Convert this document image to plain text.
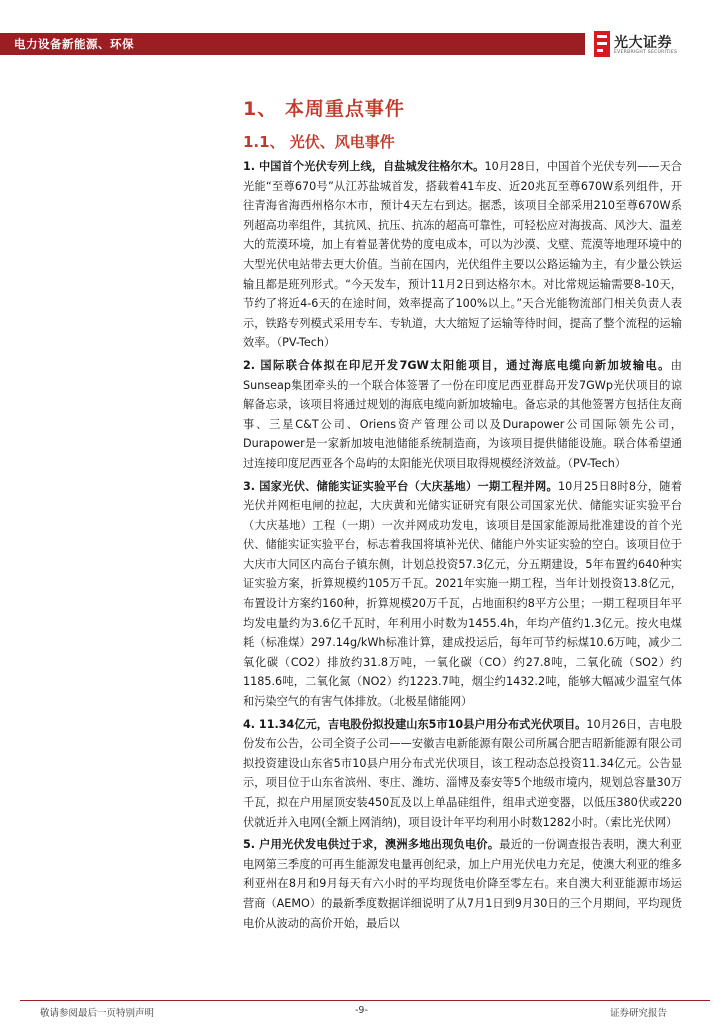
电力设备新能源、环保	光大证券
EVERBRIGHT SECURITIES
1、 本周重点事件
1.1、 光伏、风电事件

1. 中国首个光伏专列上线，自盐城发往格尔木。10月28日，中国首个光伏专列——天合光能“至尊670号”从江苏盐城首发，搭载着41车皮、近20兆瓦至尊670W系列组件，开往青海省海西州格尔木市，预计4天左右到达。据悉，该项目全部采用210至尊670W系列超高功率组件，其抗风、抗压、抗冻的超高可靠性，可轻松应对海拔高、风沙大、温差大的荒漠环境，加上有着显著优势的度电成本，可以为沙漠、戈壁、荒漠等地理环境中的大型光伏电站带去更大价值。当前在国内，光伏组件主要以公路运输为主，有少量公铁运输且都是班列形式。“今天发车，预计11月2日到达格尔木。对比常规运输需要8-10天，节约了将近4-6天的在途时间，效率提高了100%以上。”天合光能物流部门相关负责人表示，铁路专列模式采用专车、专轨道，大大缩短了运输等待时间，提高了整个流程的运输效率。（PV-Tech）

2. 国际联合体拟在印尼开发7GW太阳能项目，通过海底电缆向新加坡输电。由Sunseap集团牵头的一个联合体签署了一份在印度尼西亚群岛开发7GWp光伏项目的谅解备忘录，该项目将通过规划的海底电缆向新加坡输电。备忘录的其他签署方包括住友商事、三星C&T公司、Oriens资产管理公司以及Durapower公司国际领先公司，Durapower是一家新加坡电池储能系统制造商，为该项目提供储能设施。联合体希望通过连接印度尼西亚各个岛屿的太阳能光伏项目取得规模经济效益。（PV-Tech）

3. 国家光伏、储能实证实验平台（大庆基地）一期工程并网。10月25日8时8分，随着光伏并网柜电闸的拉起，大庆黄和光储实证研究有限公司国家光伏、储能实证实验平台（大庆基地）工程（一期）一次并网成功发电，该项目是国家能源局批准建设的首个光伏、储能实证实验平台，标志着我国将填补光伏、储能户外实证实验的空白。该项目位于大庆市大同区内高台子镇东侧，计划总投资57.3亿元，分五期建设，5年布置约640种实证实验方案，折算规模约105万千瓦。2021年实施一期工程，当年计划投资13.8亿元，布置设计方案约160种，折算规模20万千瓦，占地面积约8平方公里；一期工程项目年平均发电量约为3.6亿千瓦时，年利用小时数为1455.4h，年均产值约1.3亿元。按火电煤耗（标准煤）297.14g/kWh标准计算，建成投运后，每年可节约标煤10.6万吨，减少二氧化碳（CO2）排放约31.8万吨，一氧化碳（CO）约27.8吨，二氧化硫（SO2）约1185.6吨，二氧化氮（NO2）约1223.7吨，烟尘约1432.2吨，能够大幅减少温室气体和污染空气的有害气体排放。（北极星储能网）

4. 11.34亿元，吉电股份拟投建山东5市10县户用分布式光伏项目。10月26日，吉电股份发布公告，公司全资子公司——安徽吉电新能源有限公司所属合肥吉昭新能源有限公司拟投资建设山东省5市10县户用分布式光伏项目，该工程动态总投资11.34亿元。公告显示，项目位于山东省滨州、枣庄、潍坊、淄博及泰安等5个地级市境内，规划总容量30万千瓦，拟在户用屋顶安装450瓦及以上单晶硅组件，组串式逆变器，以低压380伏或220伏就近并入电网(全额上网消纳)，项目设计年平均利用小时数1282小时。（索比光伏网）

5. 户用光伏发电供过于求，澳洲多地出现负电价。最近的一份调查报告表明，澳大利亚电网第三季度的可再生能源发电量再创纪录，加上户用光伏电力充足，使澳大利亚的维多利亚州在8月和9月每天有六小时的平均现货电价降至零左右。来自澳大利亚能源市场运营商（AEMO）的最新季度数据详细说明了从7月1日到9月30日的三个月期间，平均现货电价从波动的高价开始，最后以

敬请参阅最后一页特别声明	-9-	证券研究报告
